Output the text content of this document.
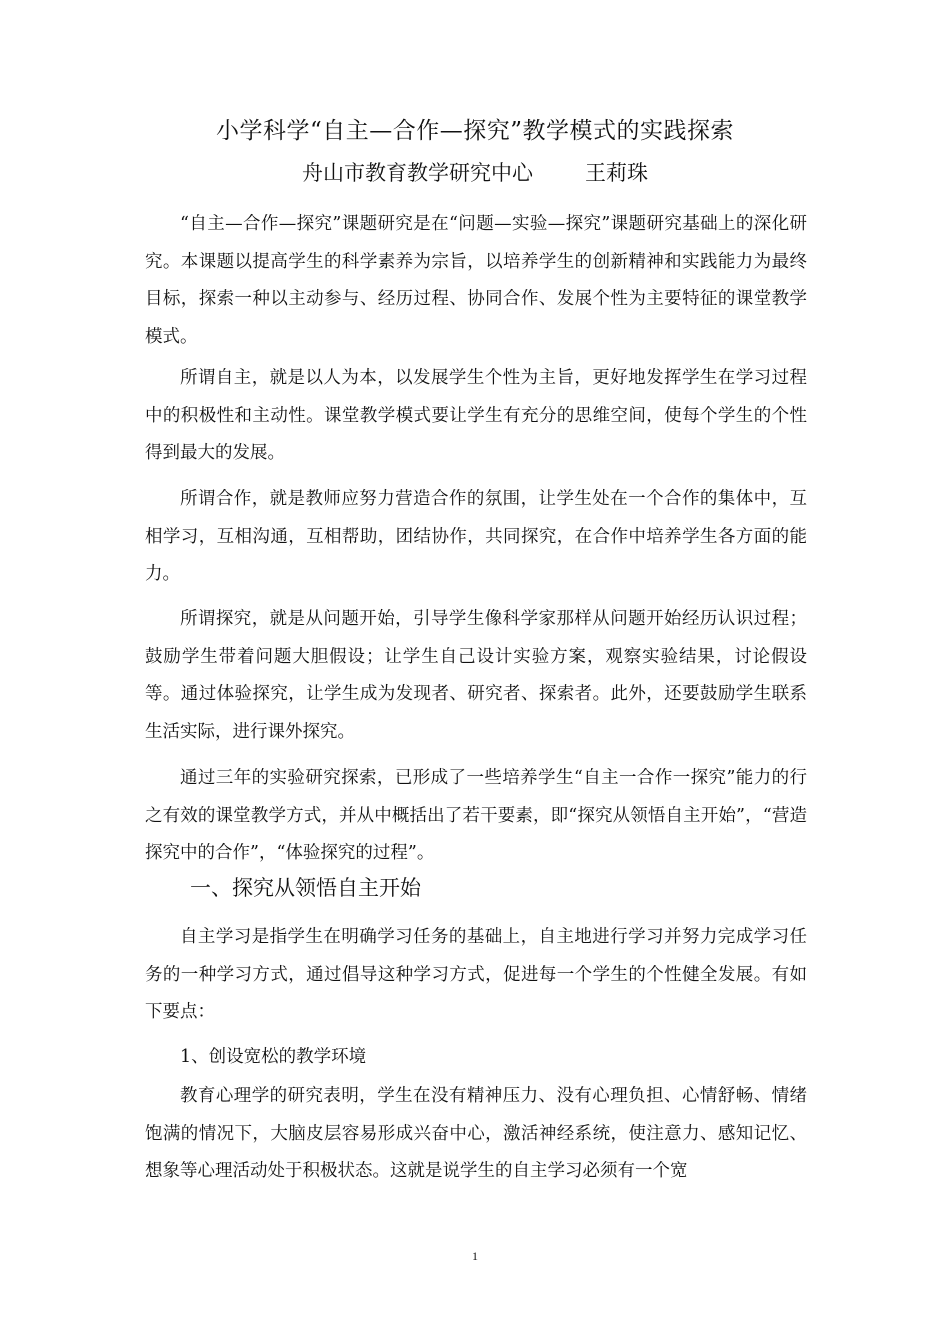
小学科学“自主—合作—探究”教学模式的实践探索
舟山市教育教学研究中心 王莉珠

“自主—合作—探究”课题研究是在“问题—实验—探究”课题研究基础上的深化研究。本课题以提高学生的科学素养为宗旨，以培养学生的创新精神和实践能力为最终目标，探索一种以主动参与、经历过程、协同合作、发展个性为主要特征的课堂教学模式。

所谓自主，就是以人为本，以发展学生个性为主旨，更好地发挥学生在学习过程中的积极性和主动性。课堂教学模式要让学生有充分的思维空间，使每个学生的个性得到最大的发展。

所谓合作，就是教师应努力营造合作的氛围，让学生处在一个合作的集体中，互相学习，互相沟通，互相帮助，团结协作，共同探究，在合作中培养学生各方面的能力。

所谓探究，就是从问题开始，引导学生像科学家那样从问题开始经历认识过程；鼓励学生带着问题大胆假设；让学生自己设计实验方案，观察实验结果，讨论假设等。通过体验探究，让学生成为发现者、研究者、探索者。此外，还要鼓励学生联系生活实际，进行课外探究。

通过三年的实验研究探索，已形成了一些培养学生“自主一合作一探究”能力的行之有效的课堂教学方式，并从中概括出了若干要素，即“探究从领悟自主开始”，“营造探究中的合作”，“体验探究的过程”。

一、探究从领悟自主开始

自主学习是指学生在明确学习任务的基础上，自主地进行学习并努力完成学习任务的一种学习方式，通过倡导这种学习方式，促进每一个学生的个性健全发展。有如下要点：

1、创设宽松的教学环境

教育心理学的研究表明，学生在没有精神压力、没有心理负担、心情舒畅、情绪饱满的情况下，大脑皮层容易形成兴奋中心，激活神经系统，使注意力、感知记忆、想象等心理活动处于积极状态。这就是说学生的自主学习必须有一个宽

1
